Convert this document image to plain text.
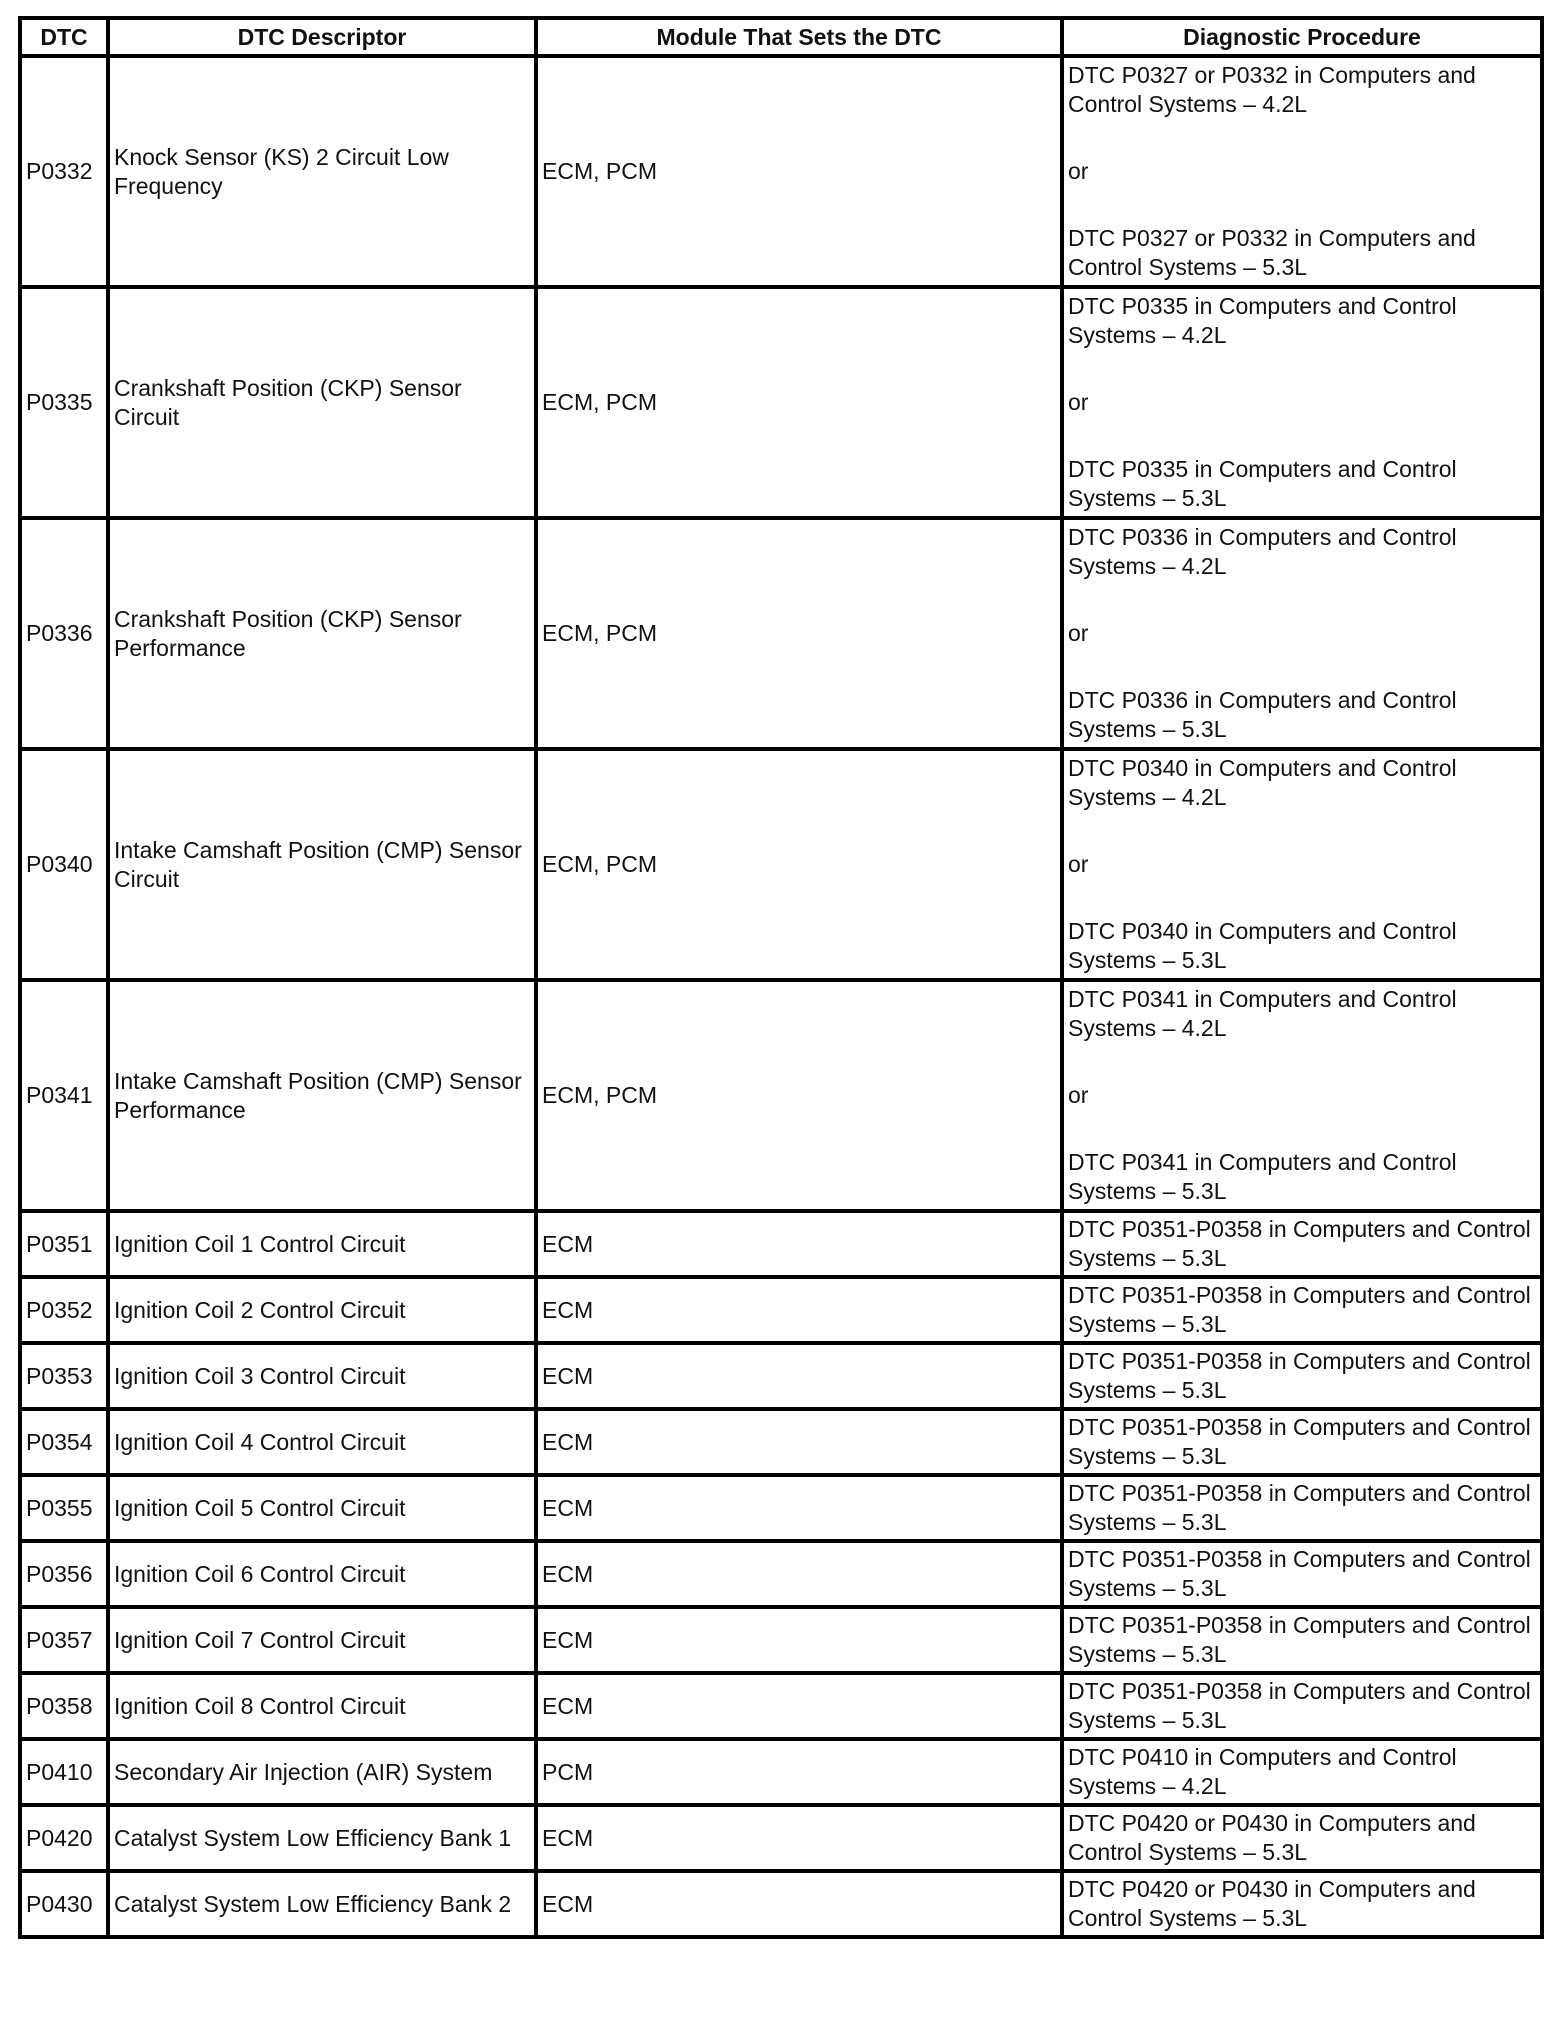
DTC	DTC Descriptor	Module That Sets the DTC	Diagnostic Procedure
P0332	Knock Sensor (KS) 2 Circuit Low Frequency	ECM, PCM	DTC P0327 or P0332 in Computers and Control Systems – 4.2L
or
DTC P0327 or P0332 in Computers and Control Systems – 5.3L

P0335	Crankshaft Position (CKP) Sensor Circuit	ECM, PCM	DTC P0335 in Computers and Control Systems – 4.2L
or
DTC P0335 in Computers and Control Systems – 5.3L

P0336	Crankshaft Position (CKP) Sensor Performance	ECM, PCM	DTC P0336 in Computers and Control Systems – 4.2L
or
DTC P0336 in Computers and Control Systems – 5.3L

P0340	Intake Camshaft Position (CMP) Sensor Circuit	ECM, PCM	DTC P0340 in Computers and Control Systems – 4.2L
or
DTC P0340 in Computers and Control Systems – 5.3L

P0341	Intake Camshaft Position (CMP) Sensor Performance	ECM, PCM	DTC P0341 in Computers and Control Systems – 4.2L
or
DTC P0341 in Computers and Control Systems – 5.3L

P0351	Ignition Coil 1 Control Circuit	ECM	DTC P0351-P0358 in Computers and Control Systems – 5.3L
P0352	Ignition Coil 2 Control Circuit	ECM	DTC P0351-P0358 in Computers and Control Systems – 5.3L
P0353	Ignition Coil 3 Control Circuit	ECM	DTC P0351-P0358 in Computers and Control Systems – 5.3L
P0354	Ignition Coil 4 Control Circuit	ECM	DTC P0351-P0358 in Computers and Control Systems – 5.3L
P0355	Ignition Coil 5 Control Circuit	ECM	DTC P0351-P0358 in Computers and Control Systems – 5.3L
P0356	Ignition Coil 6 Control Circuit	ECM	DTC P0351-P0358 in Computers and Control Systems – 5.3L
P0357	Ignition Coil 7 Control Circuit	ECM	DTC P0351-P0358 in Computers and Control Systems – 5.3L
P0358	Ignition Coil 8 Control Circuit	ECM	DTC P0351-P0358 in Computers and Control Systems – 5.3L
P0410	Secondary Air Injection (AIR) System	PCM	DTC P0410 in Computers and Control Systems – 4.2L
P0420	Catalyst System Low Efficiency Bank 1	ECM	DTC P0420 or P0430 in Computers and Control Systems – 5.3L
P0430	Catalyst System Low Efficiency Bank 2	ECM	DTC P0420 or P0430 in Computers and Control Systems – 5.3L
